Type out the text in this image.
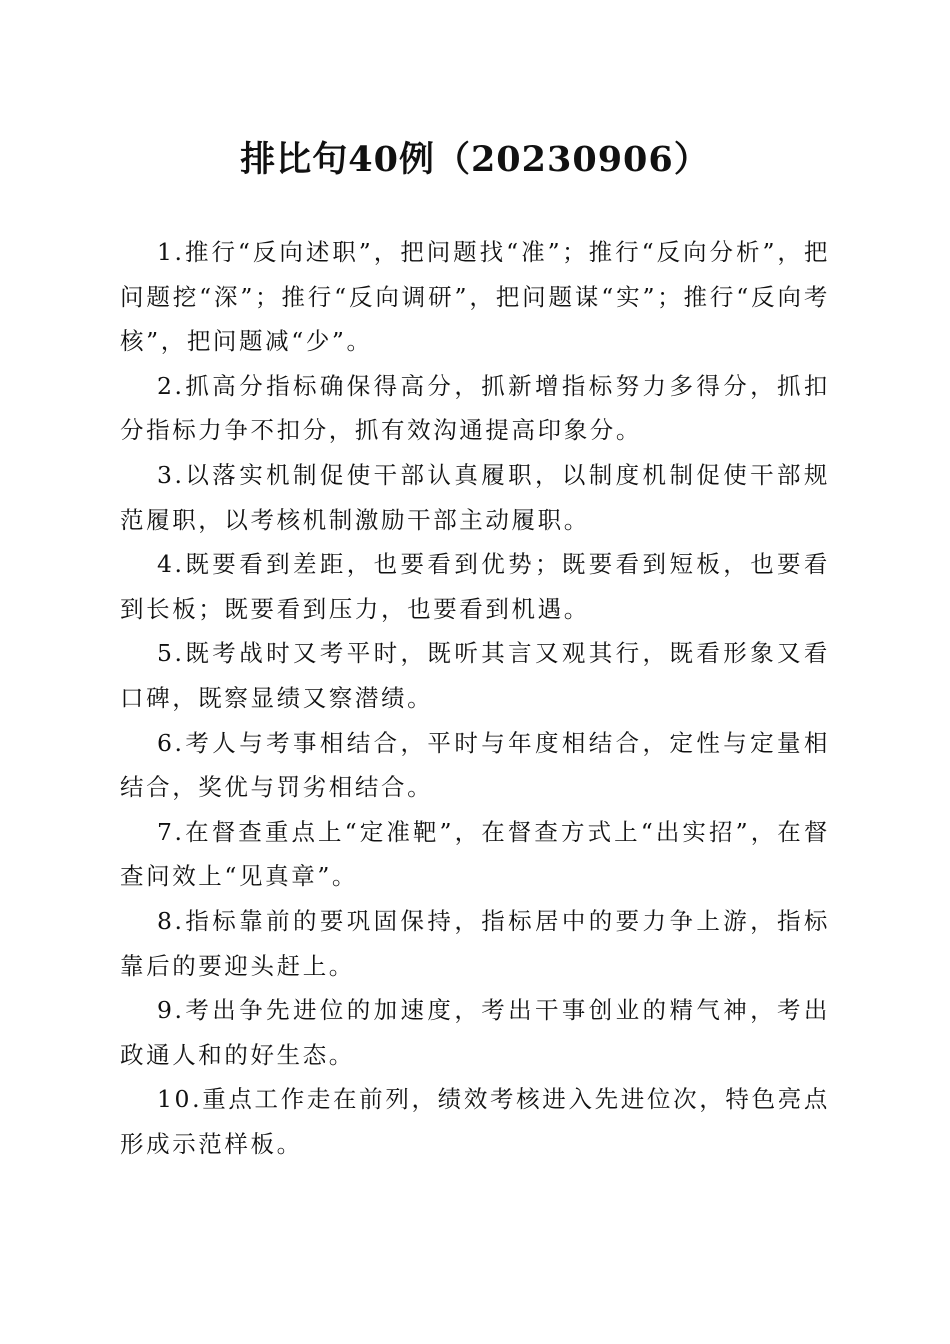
排比句40例（20230906）

1.推行“反向述职”，把问题找“准”；推行“反向分析”，把问题挖“深”；推行“反向调研”，把问题谋“实”；推行“反向考核”，把问题减“少”。

2.抓高分指标确保得高分，抓新增指标努力多得分，抓扣分指标力争不扣分，抓有效沟通提高印象分。

3.以落实机制促使干部认真履职，以制度机制促使干部规范履职，以考核机制激励干部主动履职。

4.既要看到差距，也要看到优势；既要看到短板，也要看到长板；既要看到压力，也要看到机遇。

5.既考战时又考平时，既听其言又观其行，既看形象又看口碑，既察显绩又察潜绩。

6.考人与考事相结合，平时与年度相结合，定性与定量相结合，奖优与罚劣相结合。

7.在督查重点上“定准靶”，在督查方式上“出实招”，在督查问效上“见真章”。

8.指标靠前的要巩固保持，指标居中的要力争上游，指标靠后的要迎头赶上。

9.考出争先进位的加速度，考出干事创业的精气神，考出政通人和的好生态。

10.重点工作走在前列，绩效考核进入先进位次，特色亮点形成示范样板。
